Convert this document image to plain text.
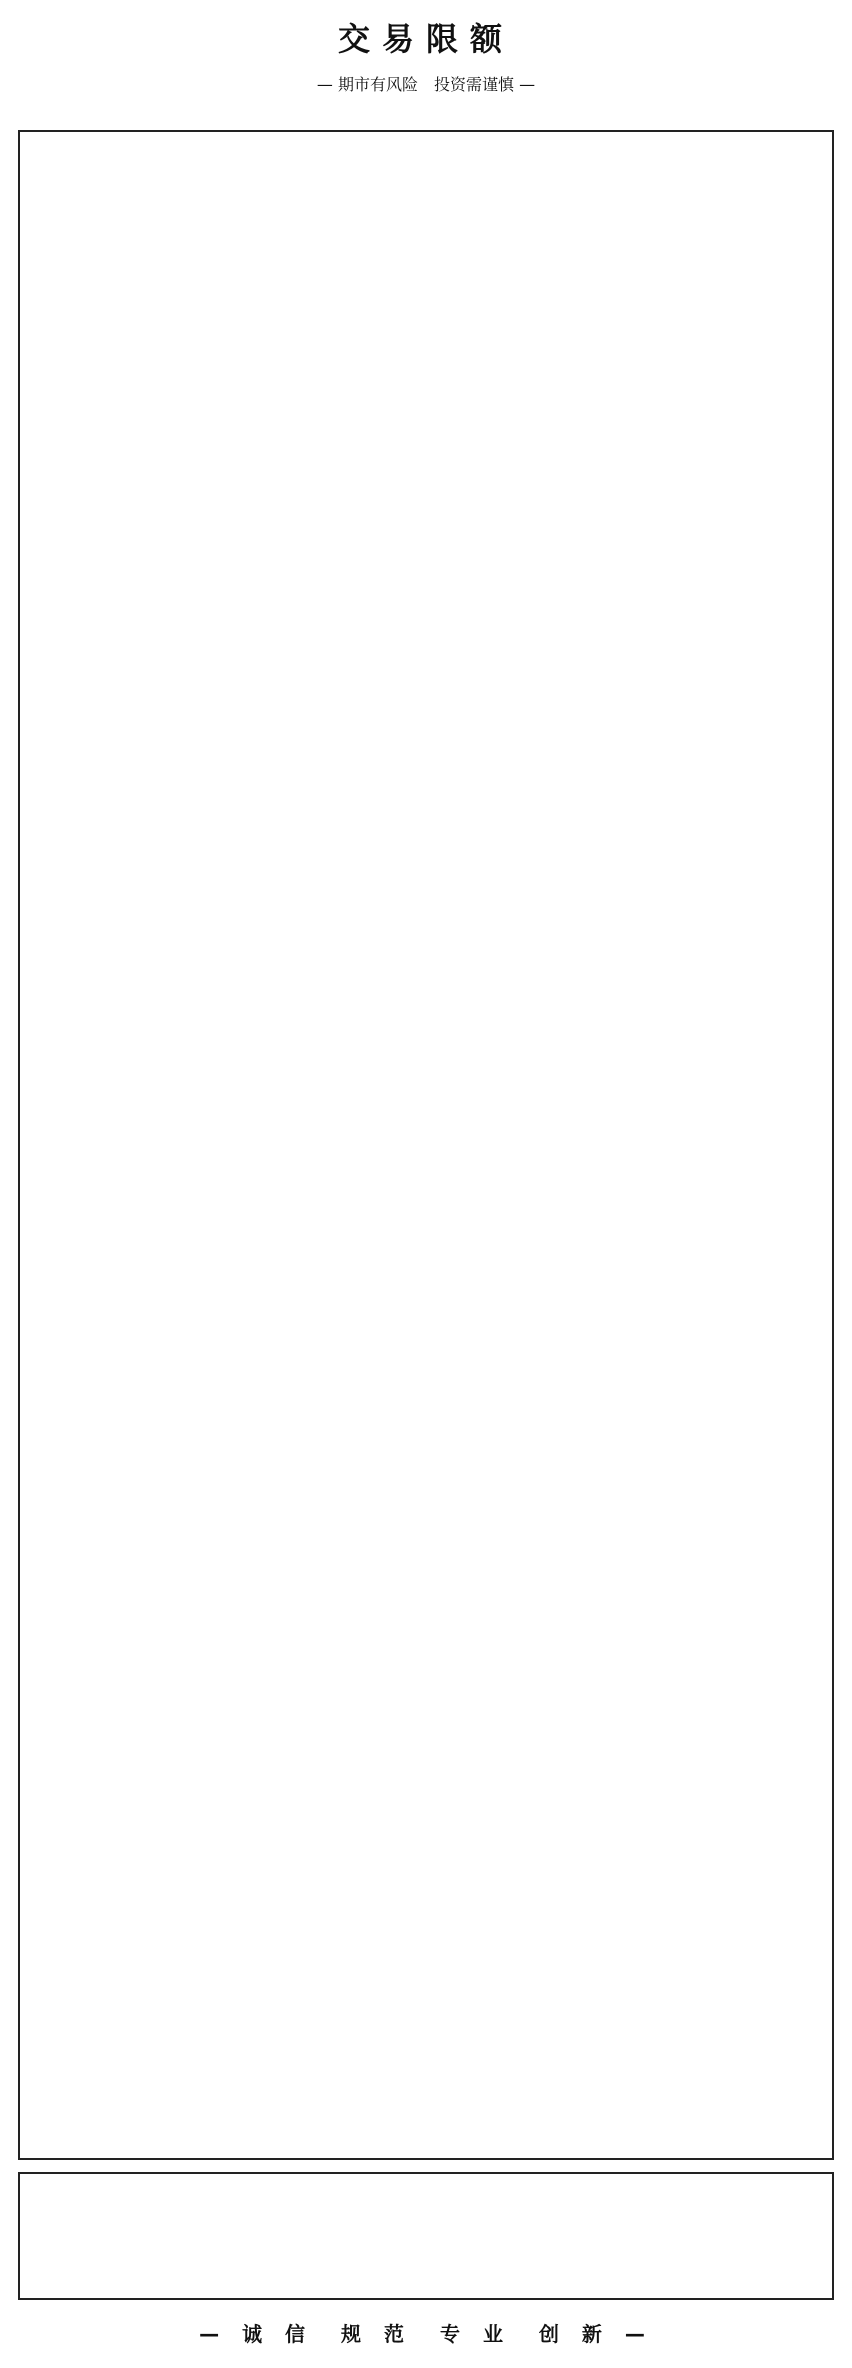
交易限额
— 期市有风险　投资需谨慎 —
— 诚 信　规 范　专 业　创 新 —
